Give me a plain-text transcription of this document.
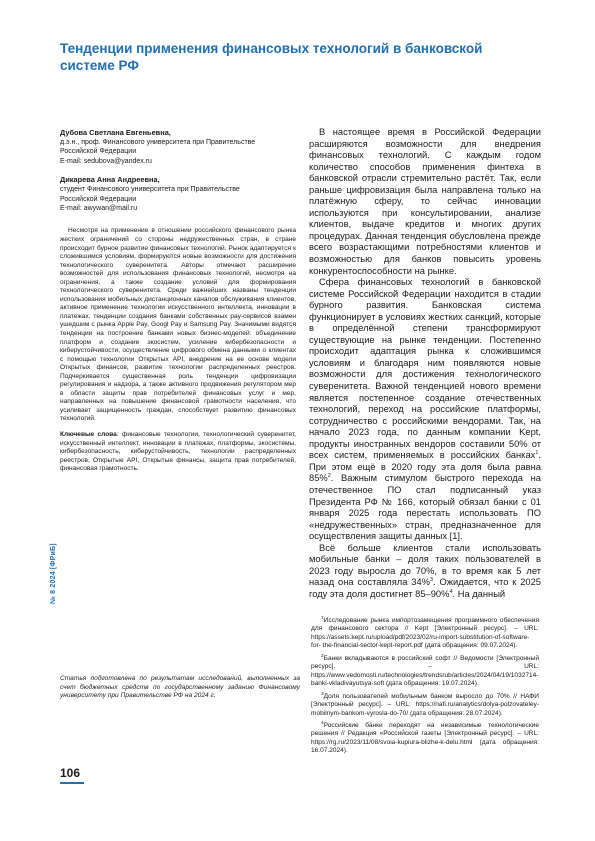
Тенденции применения финансовых технологий в банковской системе РФ
Дубова Светлана Евгеньевна,
д.э.н., проф. Финансового университета при Правительстве
Российской Федерации
E-mail: sedubova@yandex.ru
Дикарева Анна Андреевна,
студент Финансового университета при Правительстве
Российской Федерации
E-mail: awywan@mail.ru

Несмотря на применение в отношении российского финансового рынка жестких ограничений со стороны недружественных стран, в стране происходит бурное развитие финансовых технологий. Рынок адаптируется к сложившимся условиям, формируются новые возможности для достижения технологического суверенитета. Авторы отмечают расширение возможностей для использования финансовых технологий, несмотря на ограничения, а также создание условий для формирования технологического суверенитета. Среди важнейших названы тенденции использования мобильных дистанционных каналов обслуживания клиентов, активное применение технологии искусственного интеллекта, инновации в платежах, тенденции создания банками собственных pay-сервисов взамен ушедшим с рынка Apple Pay, Googl Pay и Samsung Pay. Значимыми видятся тенденции на построение банками новых бизнес-моделей: объединение платформ и создание экосистем, усиление кибербезопасности и киберустойчивости, осуществление цифрового обмена данными о клиентах с помощью технологии Открытых API, внедрение на ее основе модели Открытых финансов, развитие технологии распределенных реестров. Подчеркивается существенная роль тенденции цифровизации регулирования и надзора, а также активного продвижения регулятором мер в области защиты прав потребителей финансовых услуг и мер, направленных на повышение финансовой грамотности населения, что усиливает защищенность граждан, способствует развитию финансовых технологий.

Ключевые слова: финансовые технологии, технологический суверенитет, искусственный интеллект, инновации в платежах, платформы, экосистемы, кибербезопасность, киберустойчивость, технологии распределенных реестров, Открытые API, Открытые финансы, защита прав потребителей, финансовая грамотность.

№ 8 2024 [ФРиБ]

Статья подготовлена по результатам исследований, выполненных за счет бюджетных средств по государственному заданию Финансовому университету при Правительстве РФ на 2024 г.

106

В настоящее время в Российской Федерации расширяются возможности для внедрения финансовых технологий. С каждым годом количество способов применения финтеха в банковской отрасли стремительно растёт. Так, если раньше цифровизация была направлена только на платёжную сферу, то сейчас инновации используются при консультировании, анализе клиентов, выдаче кредитов и многих других процедурах. Данная тенденция обусловлена прежде всего возрастающими потребностями клиентов и возможностью для банков повысить уровень конкурентоспособности на рынке.

Сфера финансовых технологий в банковской системе Российской Федерации находится в стадии бурного развития. Банковская система функционирует в условиях жестких санкций, которые в определённой степени трансформируют существующие на рынке тенденции. Постепенно происходит адаптация рынка к сложившимся условиям и благодаря ним появляются новые возможности для достижения технологического суверенитета. Важной тенденцией нового времени является постепенное создание отечественных технологий, переход на российские платформы, сотрудничество с российскими вендорами. Так, на начало 2023 года, по данным компании Kept, продукты иностранных вендоров составили 50% от всех систем, применяемых в российских банках$^1$. При этом ещё в 2020 году эта доля была равна 85%$^2$. Важным стимулом быстрого перехода на отечественное ПО стал подписанный указ Президента РФ № 166, который обязал банки с 01 января 2025 года перестать использовать ПО «недружественных» стран, предназначенное для осуществления защиты данных [1].

Всё больше клиентов стали использовать мобильные банки – доля таких пользователей в 2023 году выросла до 70%, в то время как 5 лет назад она составляла 34%$^3$. Ожидается, что к 2025 году эта доля достигнет 85–90%$^4$. На данный

$^1$Исследование рынка импортозамещения программного обеспечения для финансового сектора // Kept [Электронный ресурс]. – URL: https://assets.kept.ru/upload/pdf/2023/02/ru-import-substitution-of-software-for- the-financial-sector-kept-report.pdf (дата обращения: 09.07.2024).

$^2$Банки вкладываются в российский софт // Ведомости [Электронный ресурс]. – URL: https://www.vedomosti.ru/technologies/trendsrub/articles/2024/04/19/1032714- banki-vkladivayutsya-soft (дата обращения: 19.07.2024).

$^3$Доля пользователей мобильным банком выросло до 70% // НАФИ [Электронный ресурс]. – URL: https://nafi.ru/analytics/dolya-polzovateley- mobilnym-bankom-vyrosla-do-70/ (дата обращения: 28.07.2024).

$^4$Российские банки переходят на независимые технологические решения // Редакция «Российской газеты [Электронный ресурс]. – URL: https://rg.ru/2023/11/08/svoia-kupiura-blizhe-k-delu.html (дата обращения: 16.07.2024).
